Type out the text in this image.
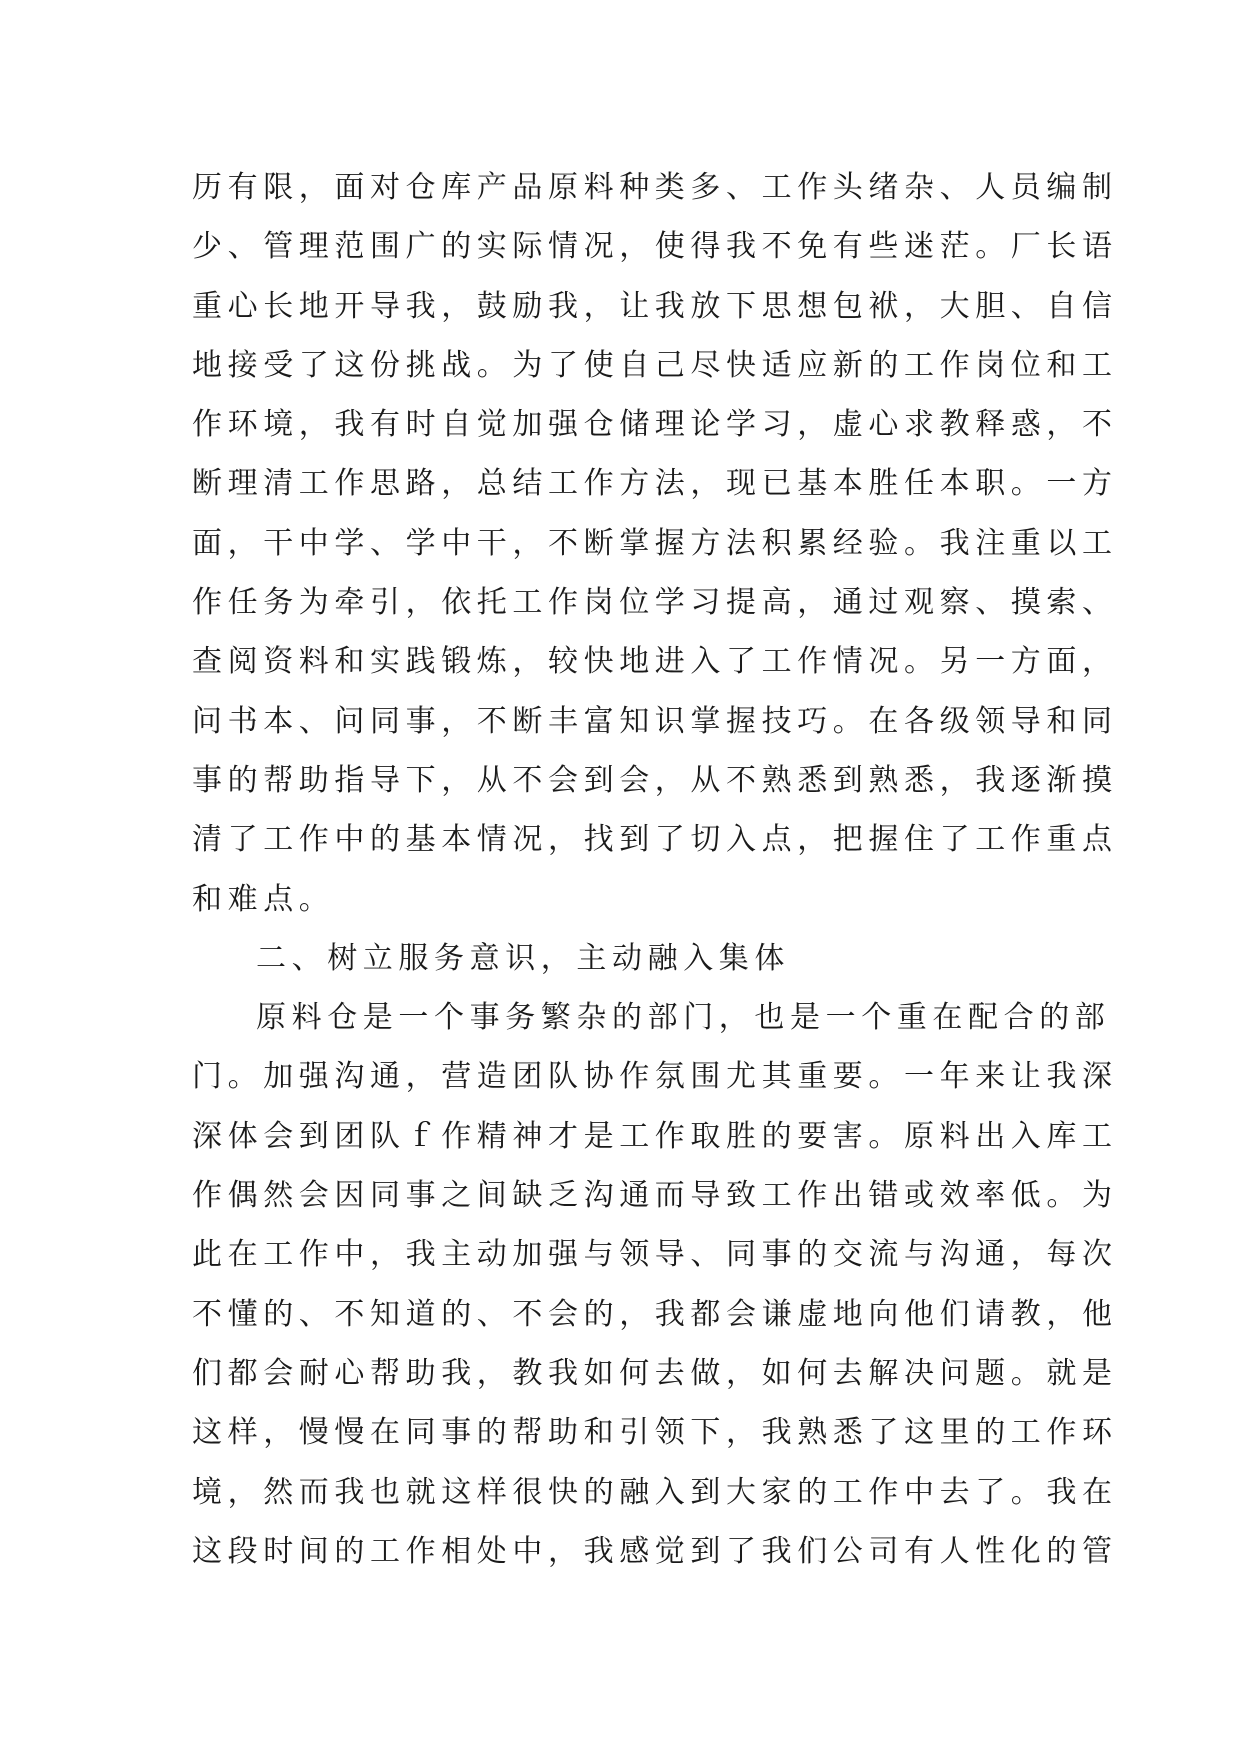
历有限，面对仓库产品原料种类多、工作头绪杂、人员编制
少、管理范围广的实际情况，使得我不免有些迷茫。厂长语
重心长地开导我，鼓励我，让我放下思想包袱，大胆、自信
地接受了这份挑战。为了使自己尽快适应新的工作岗位和工
作环境，我有时自觉加强仓储理论学习，虚心求教释惑，不
断理清工作思路，总结工作方法，现已基本胜任本职。一方
面，干中学、学中干，不断掌握方法积累经验。我注重以工
作任务为牵引，依托工作岗位学习提高，通过观察、摸索、
查阅资料和实践锻炼，较快地进入了工作情况。另一方面，
问书本、问同事，不断丰富知识掌握技巧。在各级领导和同
事的帮助指导下，从不会到会，从不熟悉到熟悉，我逐渐摸
清了工作中的基本情况，找到了切入点，把握住了工作重点
和难点。
二、树立服务意识，主动融入集体
原料仓是一个事务繁杂的部门，也是一个重在配合的部
门。加强沟通，营造团队协作氛围尤其重要。一年来让我深
深体会到团队ｆ作精神才是工作取胜的要害。原料出入库工
作偶然会因同事之间缺乏沟通而导致工作出错或效率低。为
此在工作中，我主动加强与领导、同事的交流与沟通，每次
不懂的、不知道的、不会的，我都会谦虚地向他们请教，他
们都会耐心帮助我，教我如何去做，如何去解决问题。就是
这样，慢慢在同事的帮助和引领下，我熟悉了这里的工作环
境，然而我也就这样很快的融入到大家的工作中去了。我在
这段时间的工作相处中，我感觉到了我们公司有人性化的管
